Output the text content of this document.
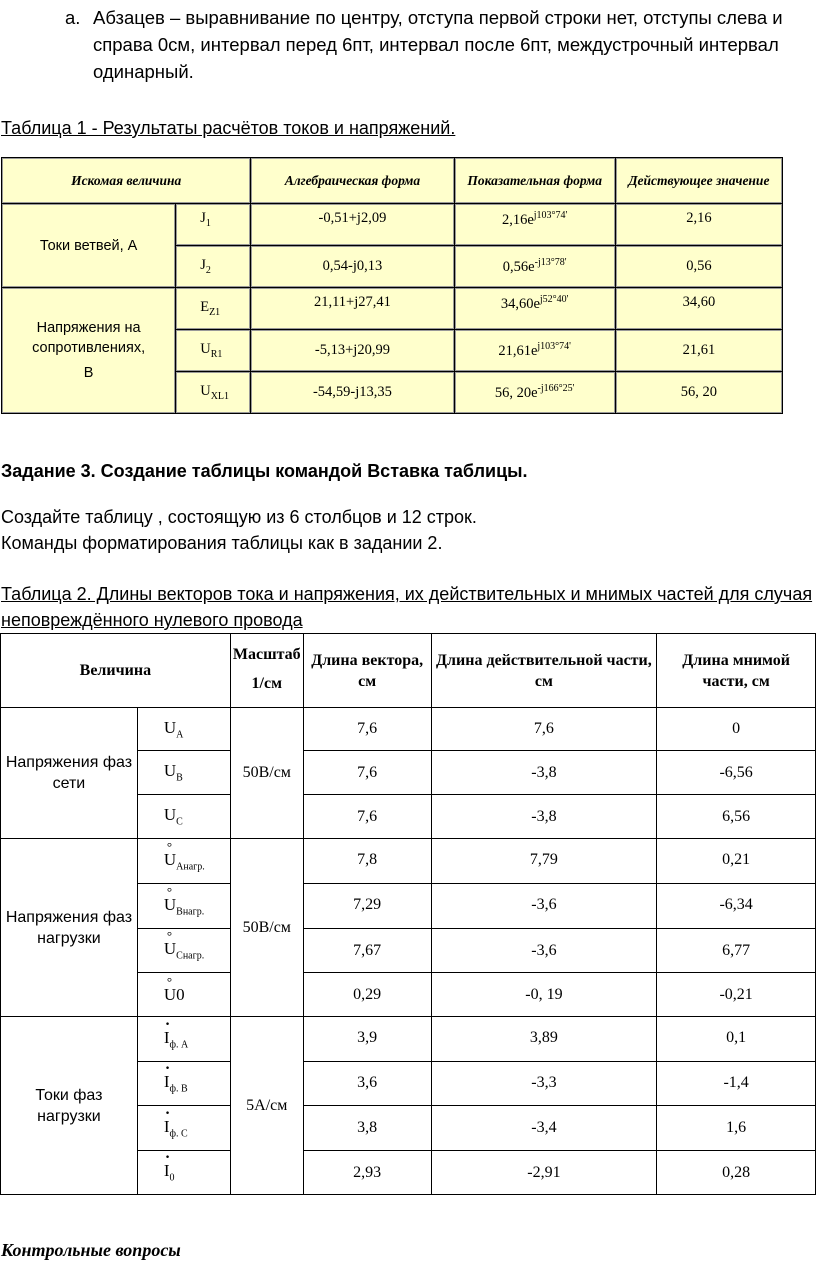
a. Абзацев – выравнивание по центру, отступа первой строки нет, отступы слева и справа 0см, интервал перед 6пт, интервал после 6пт, междустрочный интервал одинарный.
Таблица 1 - Результаты расчётов токов и напряжений.
Искомая величина		Алгебраическая форма	Показательная форма	Действующее значение
Токи ветвей, А	$J_1$	-0,51+j2,09	$2,16e^{j103^\circ 74'}$	2,16
	$J_2$	0,54-j0,13	$0,56e^{-j13^\circ 78'}$	0,56

Напряжения на сопротивлениях,
В	$E_{Z1}$	21,11+j27,41	$34,60e^{j52^\circ 40'}$	34,60
	$U_{R1}$	-5,13+j20,99	$21,61e^{j103^\circ 74'}$	21,61
	$U_{XL1}$	-54,59-j13,35	56, $20e^{-j166^\circ 25'}$	56, 20
Задание 3. Создание таблицы командой Вставка таблицы.
Создайте таблицу , состоящую из 6 столбцов и 12 строк.
Команды форматирования таблицы как в задании 2.
Таблица 2. Длины векторов тока и напряжения, их действительных и мнимых частей для случая
неповреждённого нулевого провода
Величина		Масштаб
1/см	Длина вектора, см	Длина действительной части, см	Длина мнимой части, см
Напряжения фаз сети	$U_A$	50В/см	7,6	7,6	0
	$U_B$		7,6	-3,8	-6,56
	$U_C$		7,6	-3,8	6,56
Напряжения фаз нагрузки	° $U_{Анагр.}$	50В/см	7,8	7,79	0,21
	° $U_{Внагр.}$		7,29	-3,6	-6,34
	° $U_{Снагр.}$		7,67	-3,6	6,77
	° U0		0,29	-0, 19	-0,21
Токи фаз нагрузки	· $I_{ф. А}$	5А/см	3,9	3,89	0,1
	· $I_{ф. В}$		3,6	-3,3	-1,4
	· $I_{ф. С}$		3,8	-3,4	1,6
	· $I_0$		2,93	-2,91	0,28
Контрольные вопросы
